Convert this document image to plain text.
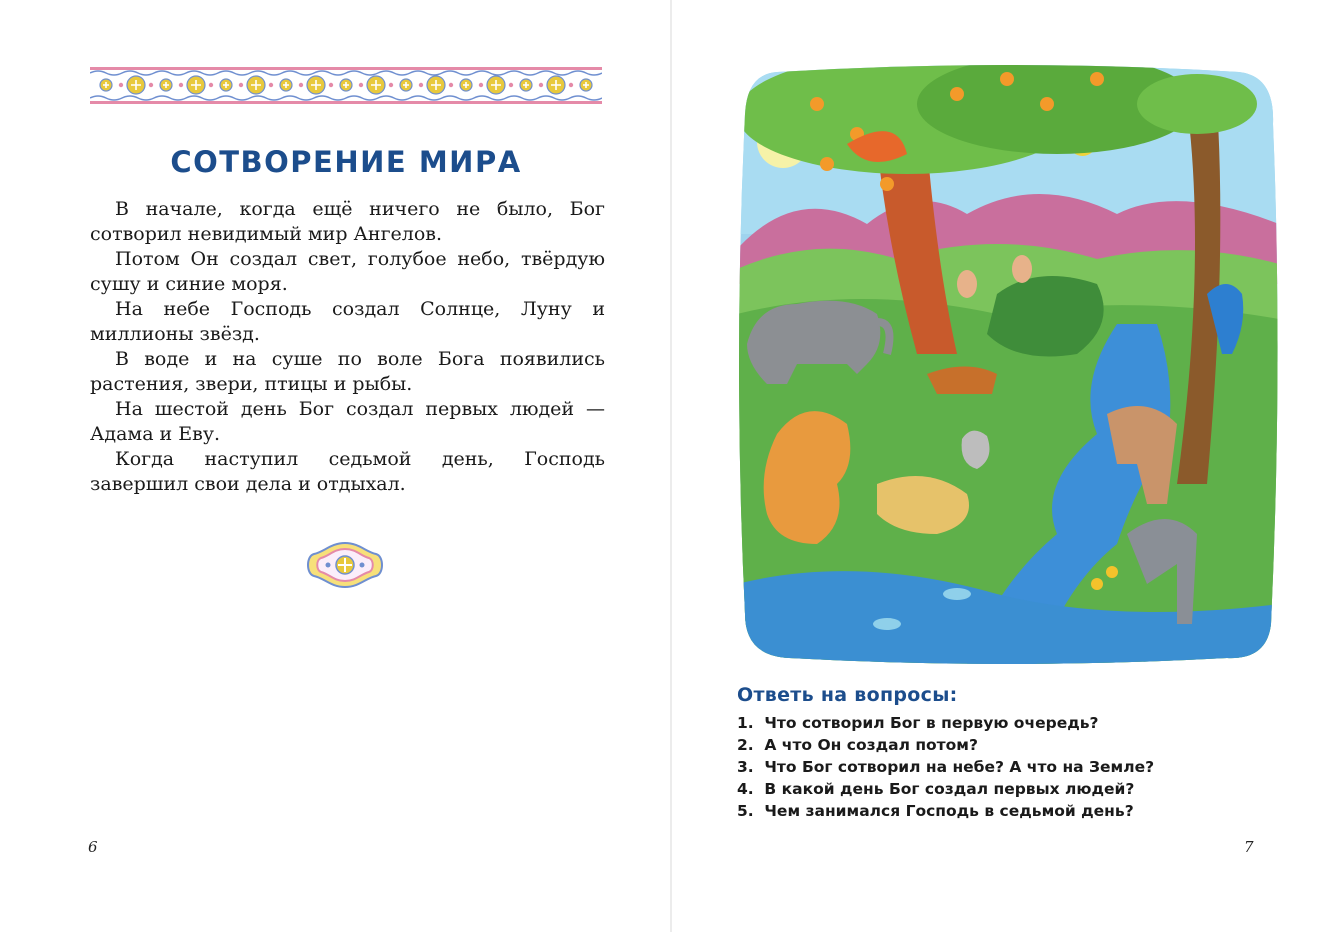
СОТВОРЕНИЕ МИРА

В начале, когда ещё ничего не было, Бог сотворил невидимый мир Ангелов.

Потом Он создал свет, голубое небо, твёрдую сушу и синие моря.

На небе Господь создал Солнце, Луну и миллионы звёзд.

В воде и на суше по воле Бога появились растения, звери, птицы и рыбы.

На шестой день Бог создал первых людей — Адама и Еву.

Когда наступил седьмой день, Господь завершил свои дела и отдыхал.

6
Ответь на вопросы:
1. Что сотворил Бог в первую очередь?
2. А что Он создал потом?
3. Что Бог сотворил на небе? А что на Земле?
4. В какой день Бог создал первых людей?
5. Чем занимался Господь в седьмой день?
7
